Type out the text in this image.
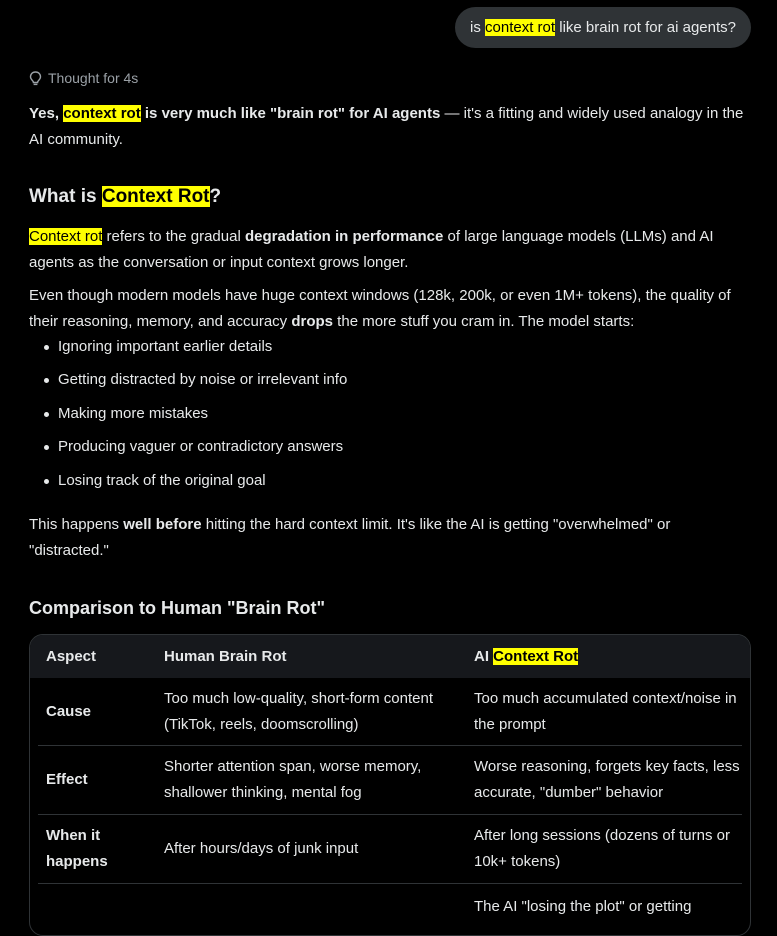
is context rot like brain rot for ai agents?
Thought for 4s

Yes, context rot is very much like "brain rot" for AI agents — it's a fitting and widely used analogy in the AI community.

What is Context Rot?

Context rot refers to the gradual degradation in performance of large language models (LLMs) and AI agents as the conversation or input context grows longer.

Even though modern models have huge context windows (128k, 200k, or even 1M+ tokens), the quality of their reasoning, memory, and accuracy drops the more stuff you cram in. The model starts:

Ignoring important earlier details
Getting distracted by noise or irrelevant info
Making more mistakes
Producing vaguer or contradictory answers
Losing track of the original goal

This happens well before hitting the hard context limit. It's like the AI is getting "overwhelmed" or "distracted."

Comparison to Human "Brain Rot"
Aspect	Human Brain Rot	AI Context Rot
Cause
Too much low-quality, short-form content (TikTok, reels, doomscrolling)
Too much accumulated context/noise in the prompt
Effect
Shorter attention span, worse memory, shallower thinking, mental fog
Worse reasoning, forgets key facts, less accurate, "dumber" behavior
When it happens
After hours/days of junk input
After long sessions (dozens of turns or 10k+ tokens)
The AI "losing the plot" or getting
